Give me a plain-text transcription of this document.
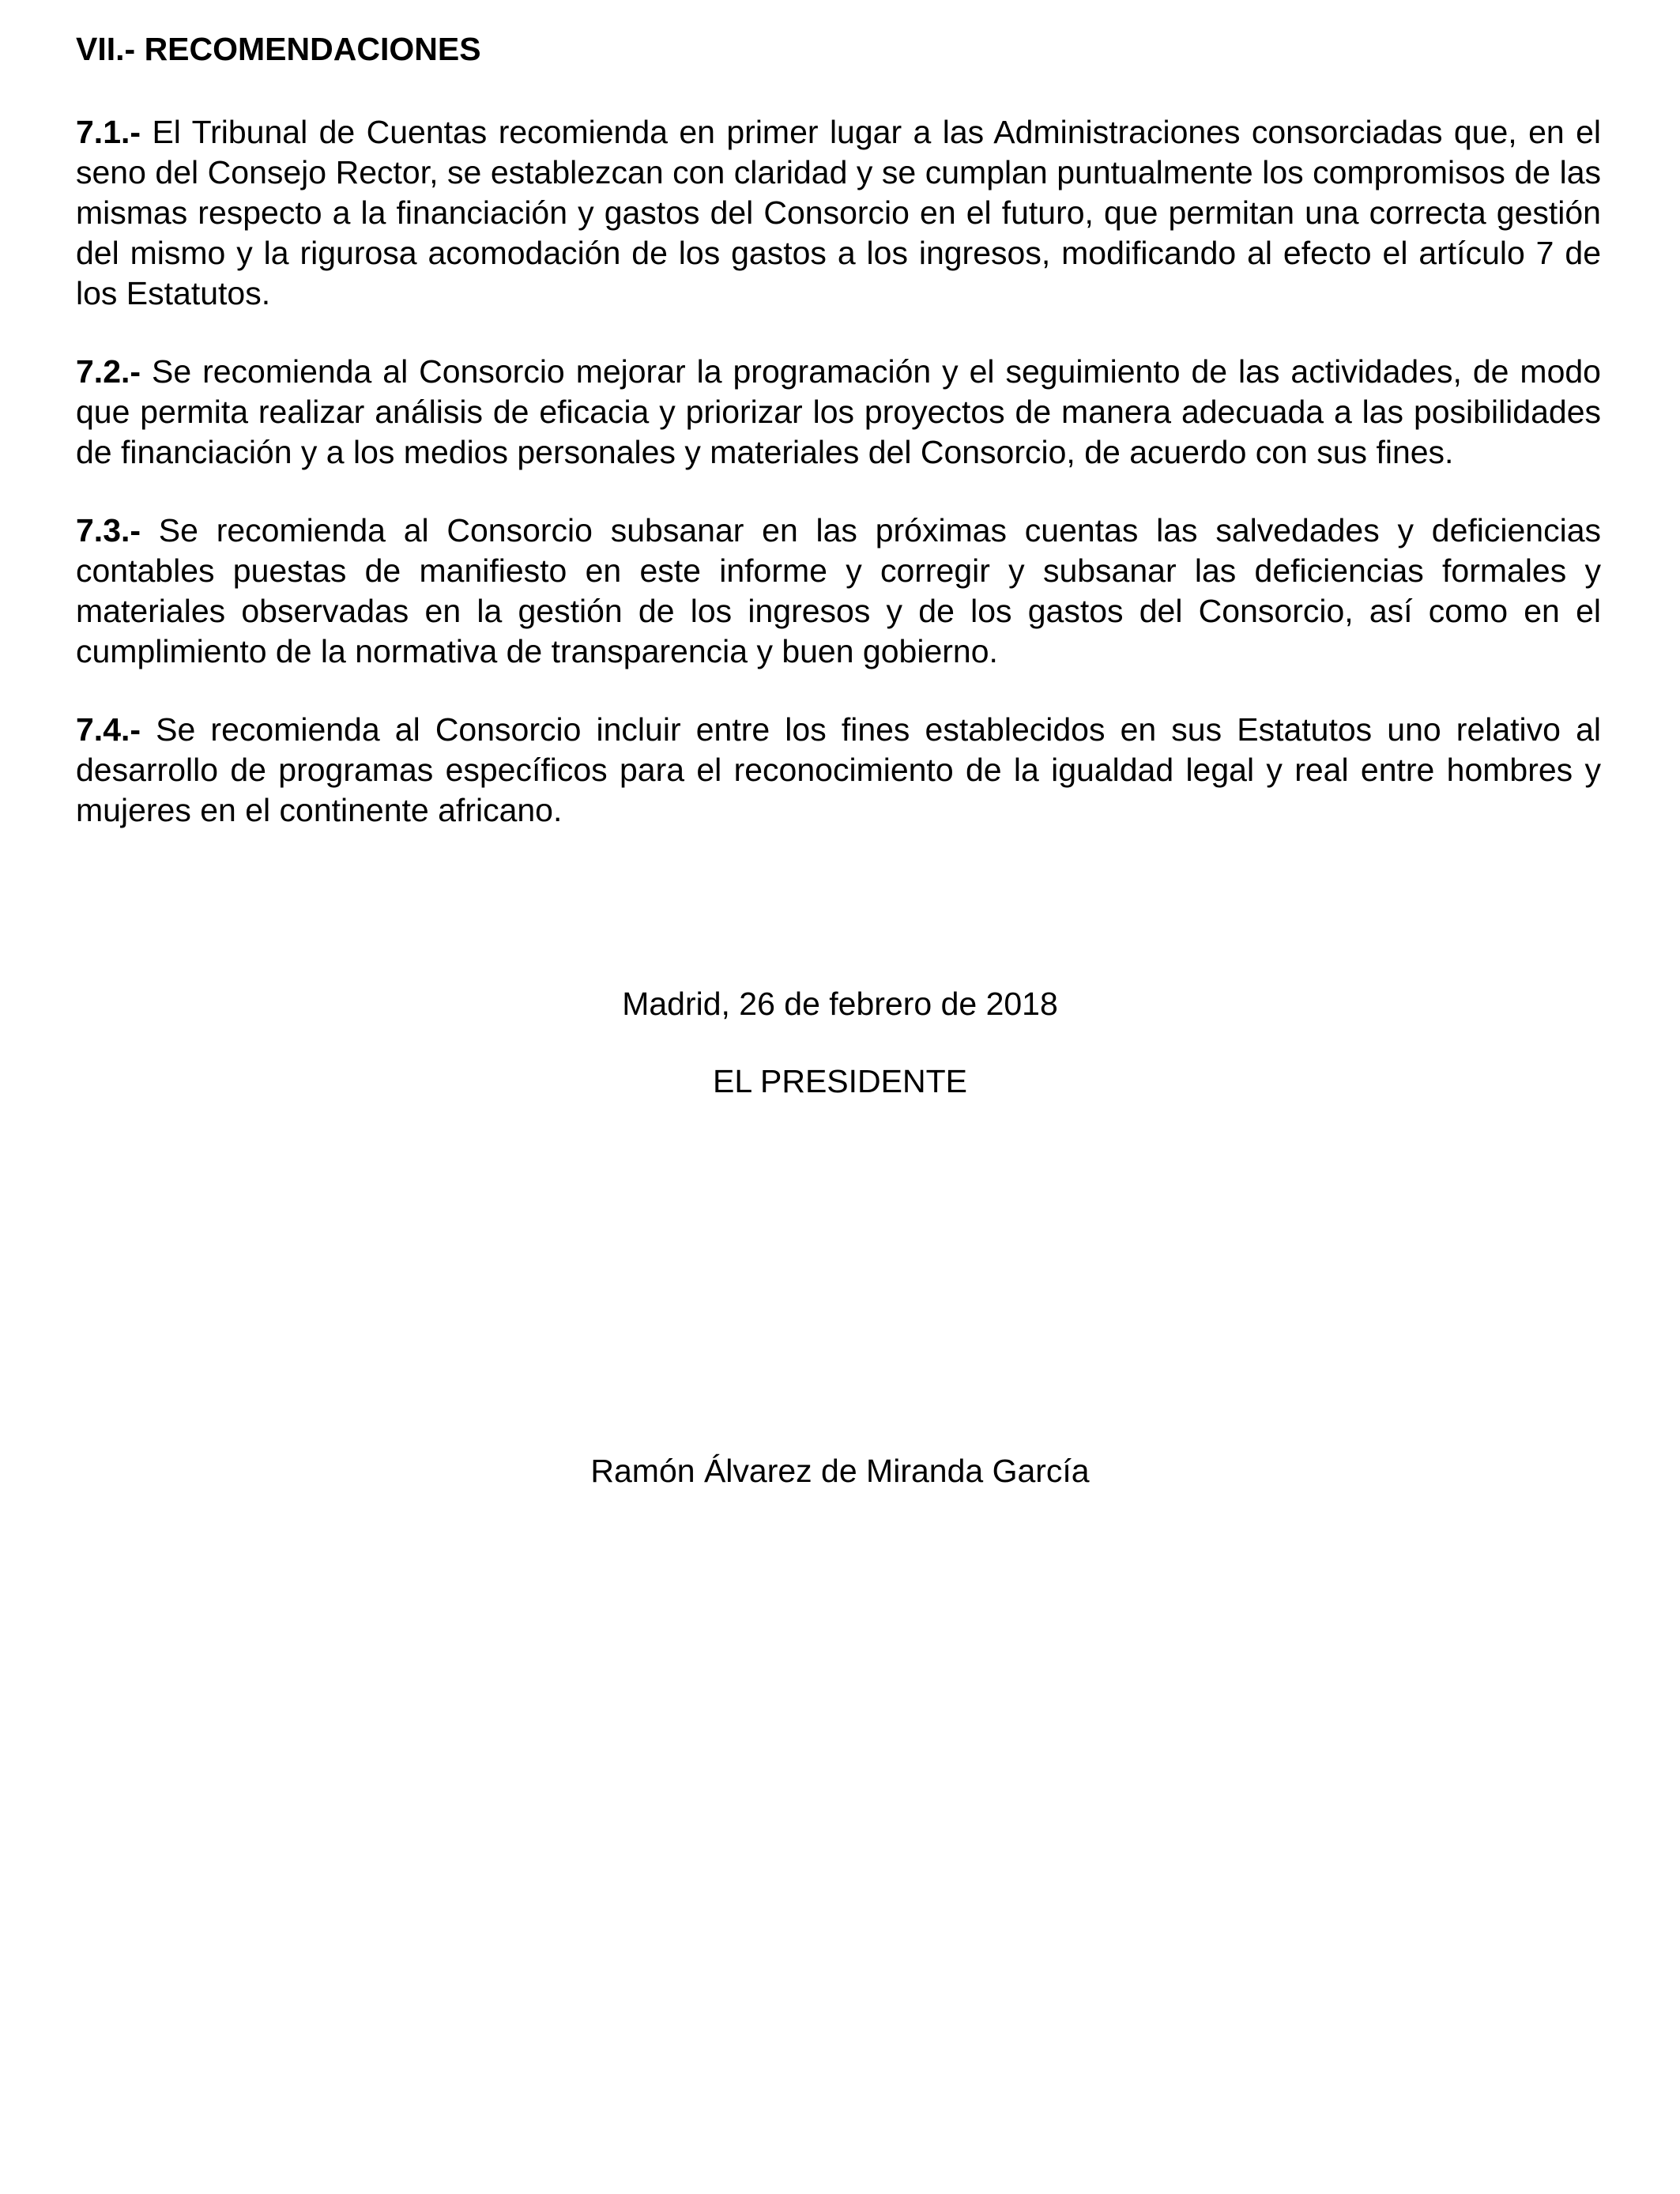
VII.- RECOMENDACIONES

7.1.- El Tribunal de Cuentas recomienda en primer lugar a las Administraciones consorciadas que, en el seno del Consejo Rector, se establezcan con claridad y se cumplan puntualmente los compromisos de las mismas respecto a la financiación y gastos del Consorcio en el futuro, que permitan una correcta gestión del mismo y la rigurosa acomodación de los gastos a los ingresos, modificando al efecto el artículo 7 de los Estatutos.

7.2.- Se recomienda al Consorcio mejorar la programación y el seguimiento de las actividades, de modo que permita realizar análisis de eficacia y priorizar los proyectos de manera adecuada a las posibilidades de financiación y a los medios personales y materiales del Consorcio, de acuerdo con sus fines.

7.3.- Se recomienda al Consorcio subsanar en las próximas cuentas las salvedades y deficiencias contables puestas de manifiesto en este informe y corregir y subsanar las deficiencias formales y materiales observadas en la gestión de los ingresos y de los gastos del Consorcio, así como en el cumplimiento de la normativa de transparencia y buen gobierno.

7.4.- Se recomienda al Consorcio incluir entre los fines establecidos en sus Estatutos uno relativo al desarrollo de programas específicos para el reconocimiento de la igualdad legal y real entre hombres y mujeres en el continente africano.

Madrid, 26 de febrero de 2018
EL PRESIDENTE
Ramón Álvarez de Miranda García
